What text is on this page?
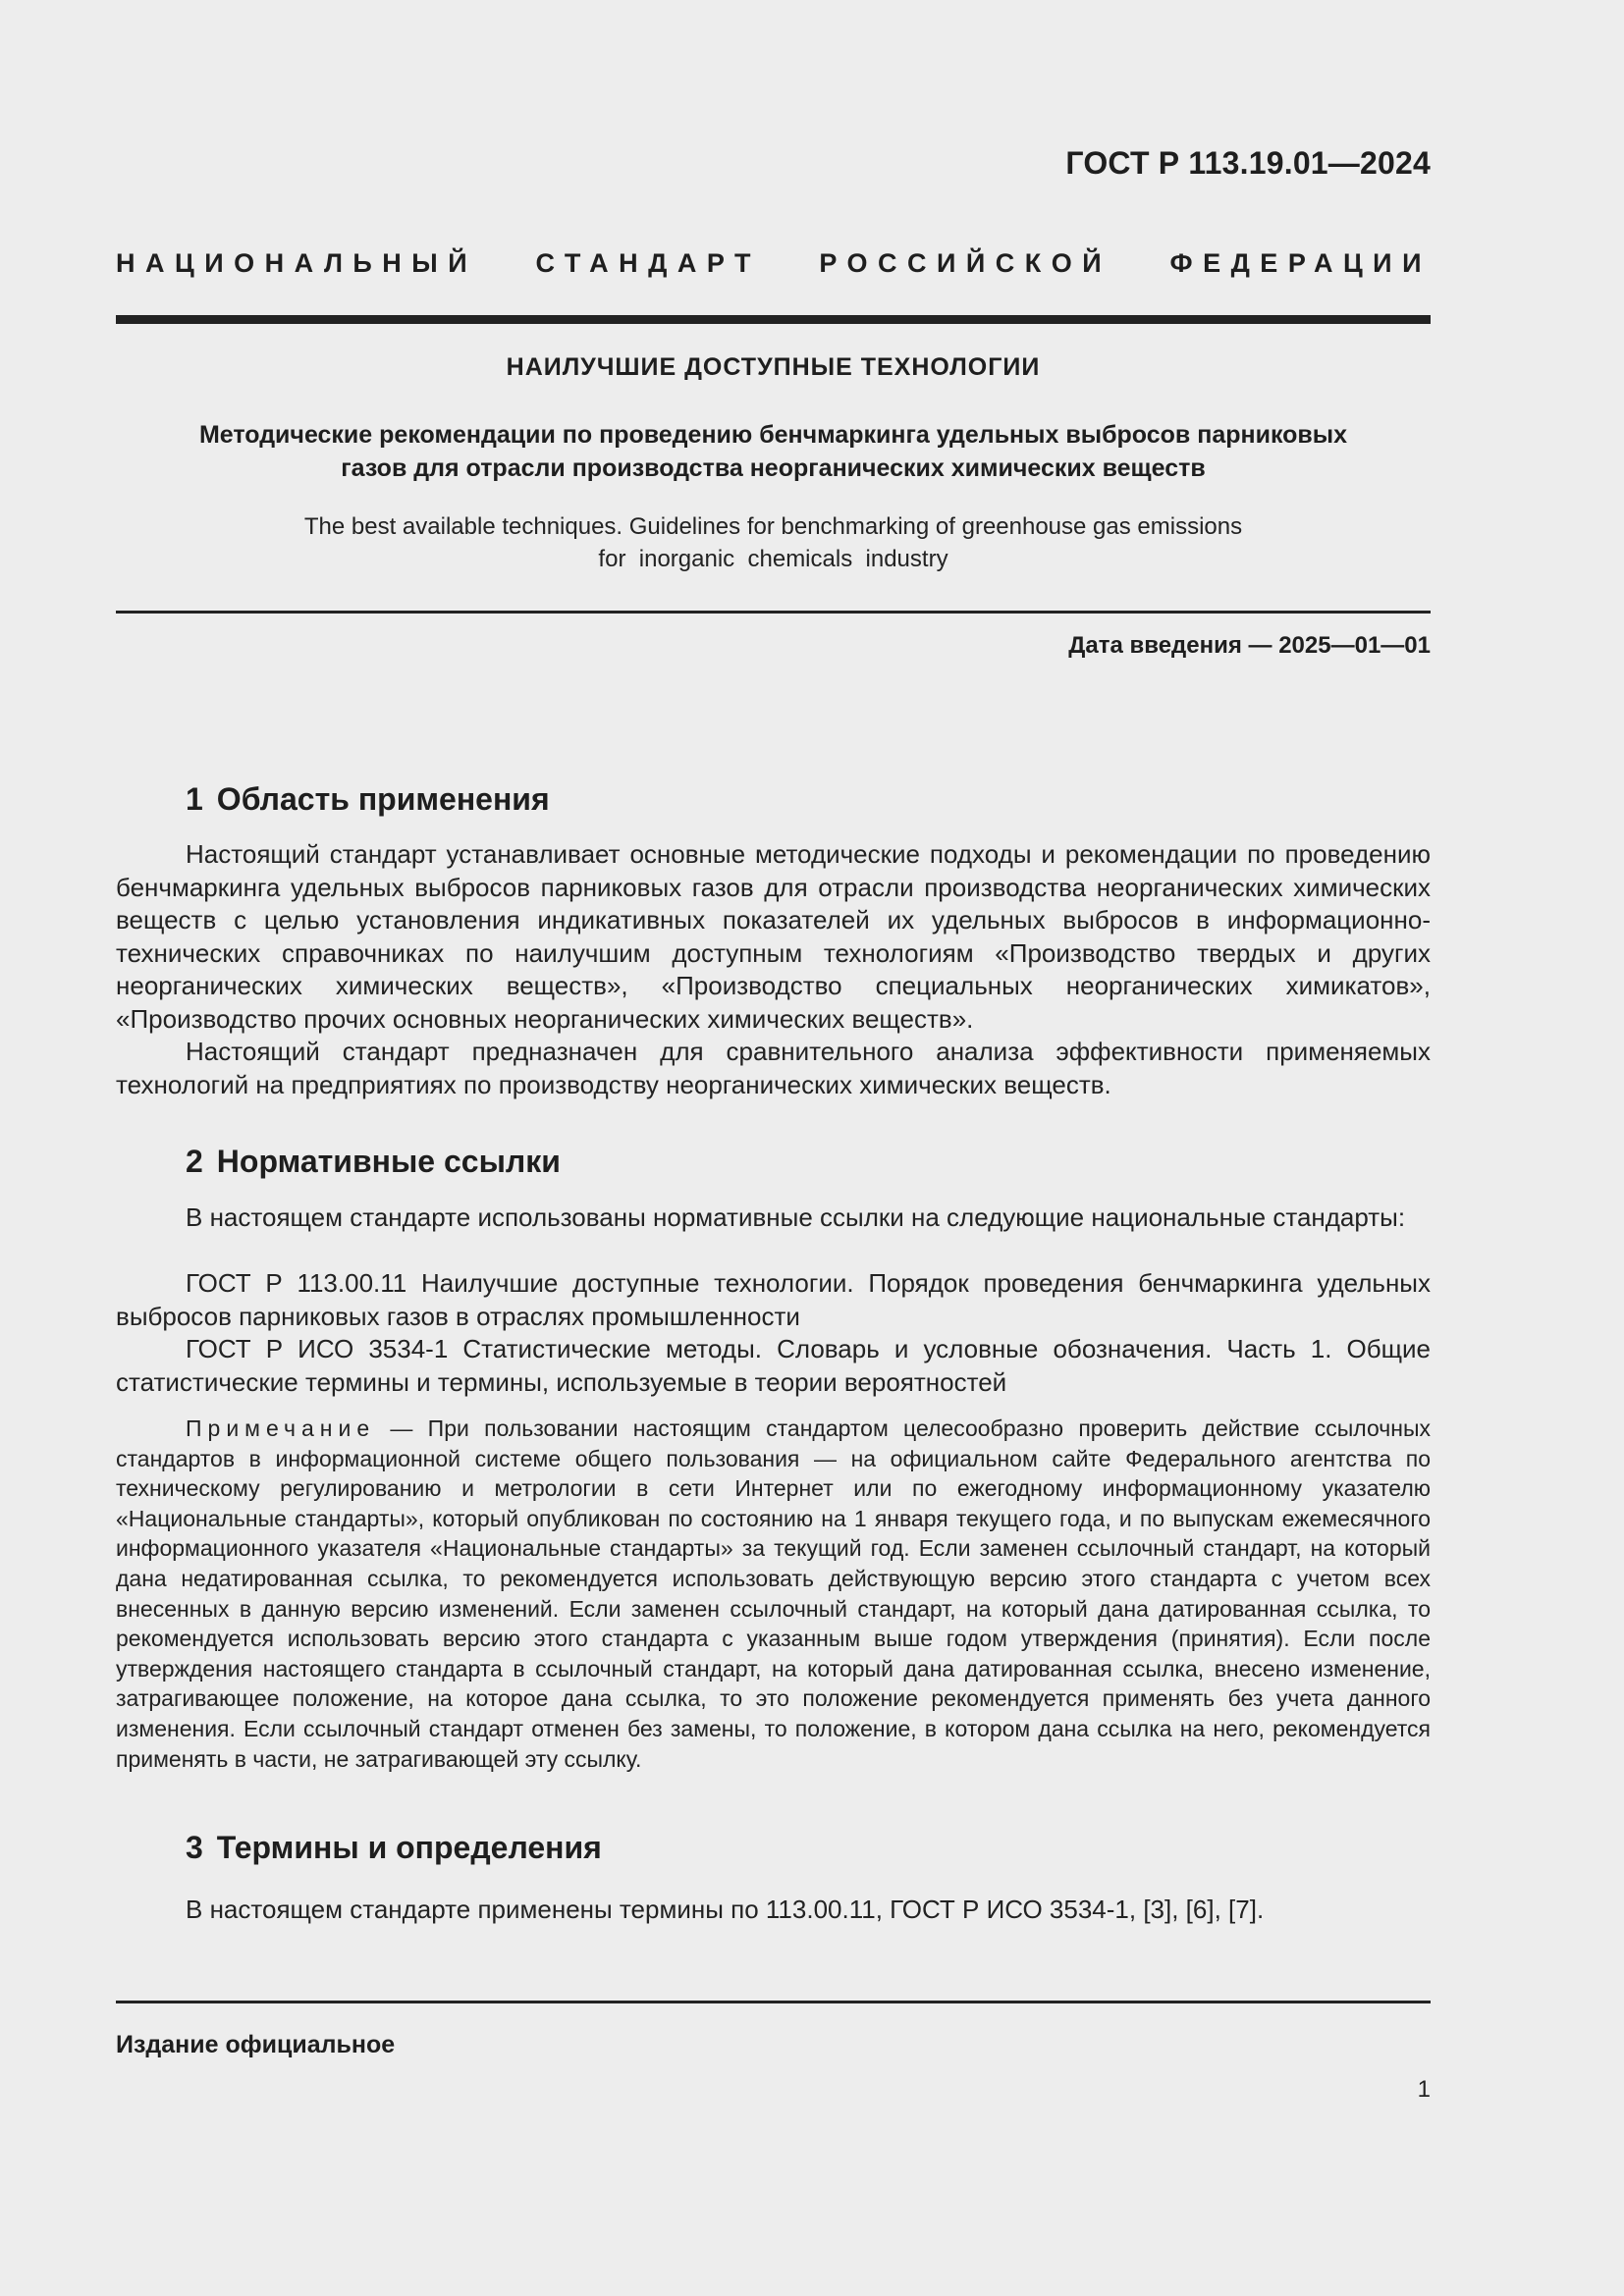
ГОСТ Р 113.19.01—2024
НАЦИОНАЛЬНЫЙ СТАНДАРТ РОССИЙСКОЙ ФЕДЕРАЦИИ
НАИЛУЧШИЕ ДОСТУПНЫЕ ТЕХНОЛОГИИ
Методические рекомендации по проведению бенчмаркинга удельных выбросов парниковых
газов для отрасли производства неорганических химических веществ
The best available techniques. Guidelines for benchmarking of greenhouse gas emissions
for  inorganic  chemicals  industry
Дата введения — 2025—01—01
1 Область применения

Настоящий стандарт устанавливает основные методические подходы и рекомендации по проведению бенчмаркинга удельных выбросов парниковых газов для отрасли производства неорганических химических веществ с целью установления индикативных показателей их удельных выбросов в информационно-технических справочниках по наилучшим доступным технологиям «Производство твердых и других неорганических химических веществ», «Производство специальных неорганических химикатов», «Производство прочих основных неорганических химических веществ».

Настоящий стандарт предназначен для сравнительного анализа эффективности применяемых технологий на предприятиях по производству неорганических химических веществ.

2 Нормативные ссылки

В настоящем стандарте использованы нормативные ссылки на следующие национальные стандарты:

ГОСТ Р 113.00.11 Наилучшие доступные технологии. Порядок проведения бенчмаркинга удельных выбросов парниковых газов в отраслях промышленности

ГОСТ Р ИСО 3534-1 Статистические методы. Словарь и условные обозначения. Часть 1. Общие статистические термины и термины, используемые в теории вероятностей

Примечание — При пользовании настоящим стандартом целесообразно проверить действие ссылочных стандартов в информационной системе общего пользования — на официальном сайте Федерального агентства по техническому регулированию и метрологии в сети Интернет или по ежегодному информационному указателю «Национальные стандарты», который опубликован по состоянию на 1 января текущего года, и по выпускам ежемесячного информационного указателя «Национальные стандарты» за текущий год. Если заменен ссылочный стандарт, на который дана недатированная ссылка, то рекомендуется использовать действующую версию этого стандарта с учетом всех внесенных в данную версию изменений. Если заменен ссылочный стандарт, на который дана датированная ссылка, то рекомендуется использовать версию этого стандарта с указанным выше годом утверждения (принятия). Если после утверждения настоящего стандарта в ссылочный стандарт, на который дана датированная ссылка, внесено изменение, затрагивающее положение, на которое дана ссылка, то это положение рекомендуется применять без учета данного изменения. Если ссылочный стандарт отменен без замены, то положение, в котором дана ссылка на него, рекомендуется применять в части, не затрагивающей эту ссылку.

3 Термины и определения

В настоящем стандарте применены термины по 113.00.11, ГОСТ Р ИСО 3534-1, [3], [6], [7].

Издание официальное
1
